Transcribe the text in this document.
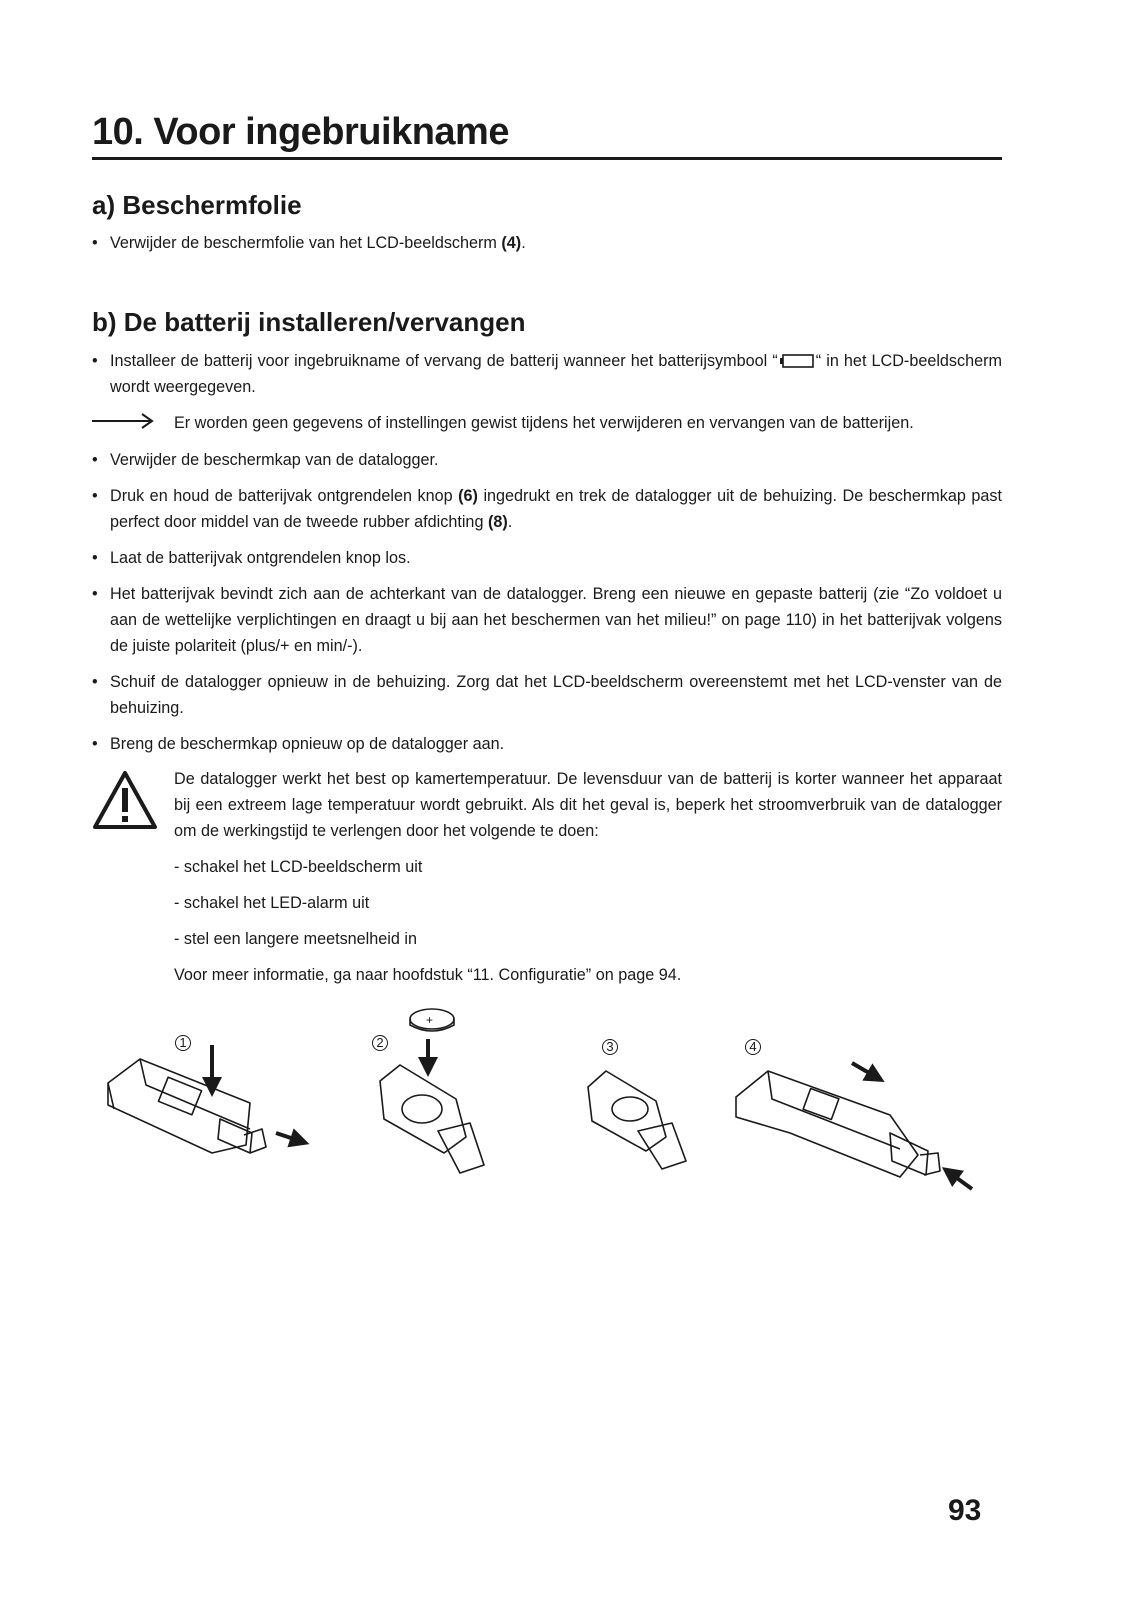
10. Voor ingebruikname
a) Beschermfolie
• Verwijder de beschermfolie van het LCD-beeldscherm (4).
b) De batterij installeren/vervangen
• Installeer de batterij voor ingebruikname of vervang de batterij wanneer het batterijsymbool “ “ in het LCD-beeldscherm wordt weergegeven.
Er worden geen gegevens of instellingen gewist tijdens het verwijderen en vervangen van de batterijen.
• Verwijder de beschermkap van de datalogger.
• Druk en houd de batterijvak ontgrendelen knop (6) ingedrukt en trek de datalogger uit de behuizing. De beschermkap past perfect door middel van de tweede rubber afdichting (8).
• Laat de batterijvak ontgrendelen knop los.
• Het batterijvak bevindt zich aan de achterkant van de datalogger. Breng een nieuwe en gepaste batterij (zie “Zo voldoet u aan de wettelijke verplichtingen en draagt u bij aan het beschermen van het milieu!” on page 110) in het batterijvak volgens de juiste polariteit (plus/+ en min/-).
• Schuif de datalogger opnieuw in de behuizing. Zorg dat het LCD-beeldscherm overeenstemt met het LCD-venster van de behuizing.
• Breng de beschermkap opnieuw op de datalogger aan.
De datalogger werkt het best op kamertemperatuur. De levensduur van de batterij is korter wanneer het apparaat bij een extreem lage temperatuur wordt gebruikt. Als dit het geval is, beperk het stroomverbruik van de datalogger om de werkingstijd te verlengen door het volgende te doen:
- schakel het LCD-beeldscherm uit
- schakel het LED-alarm uit
- stel een langere meetsnelheid in
Voor meer informatie, ga naar hoofdstuk “11. Configuratie” on page 94.
1	2	3	4
+
93
